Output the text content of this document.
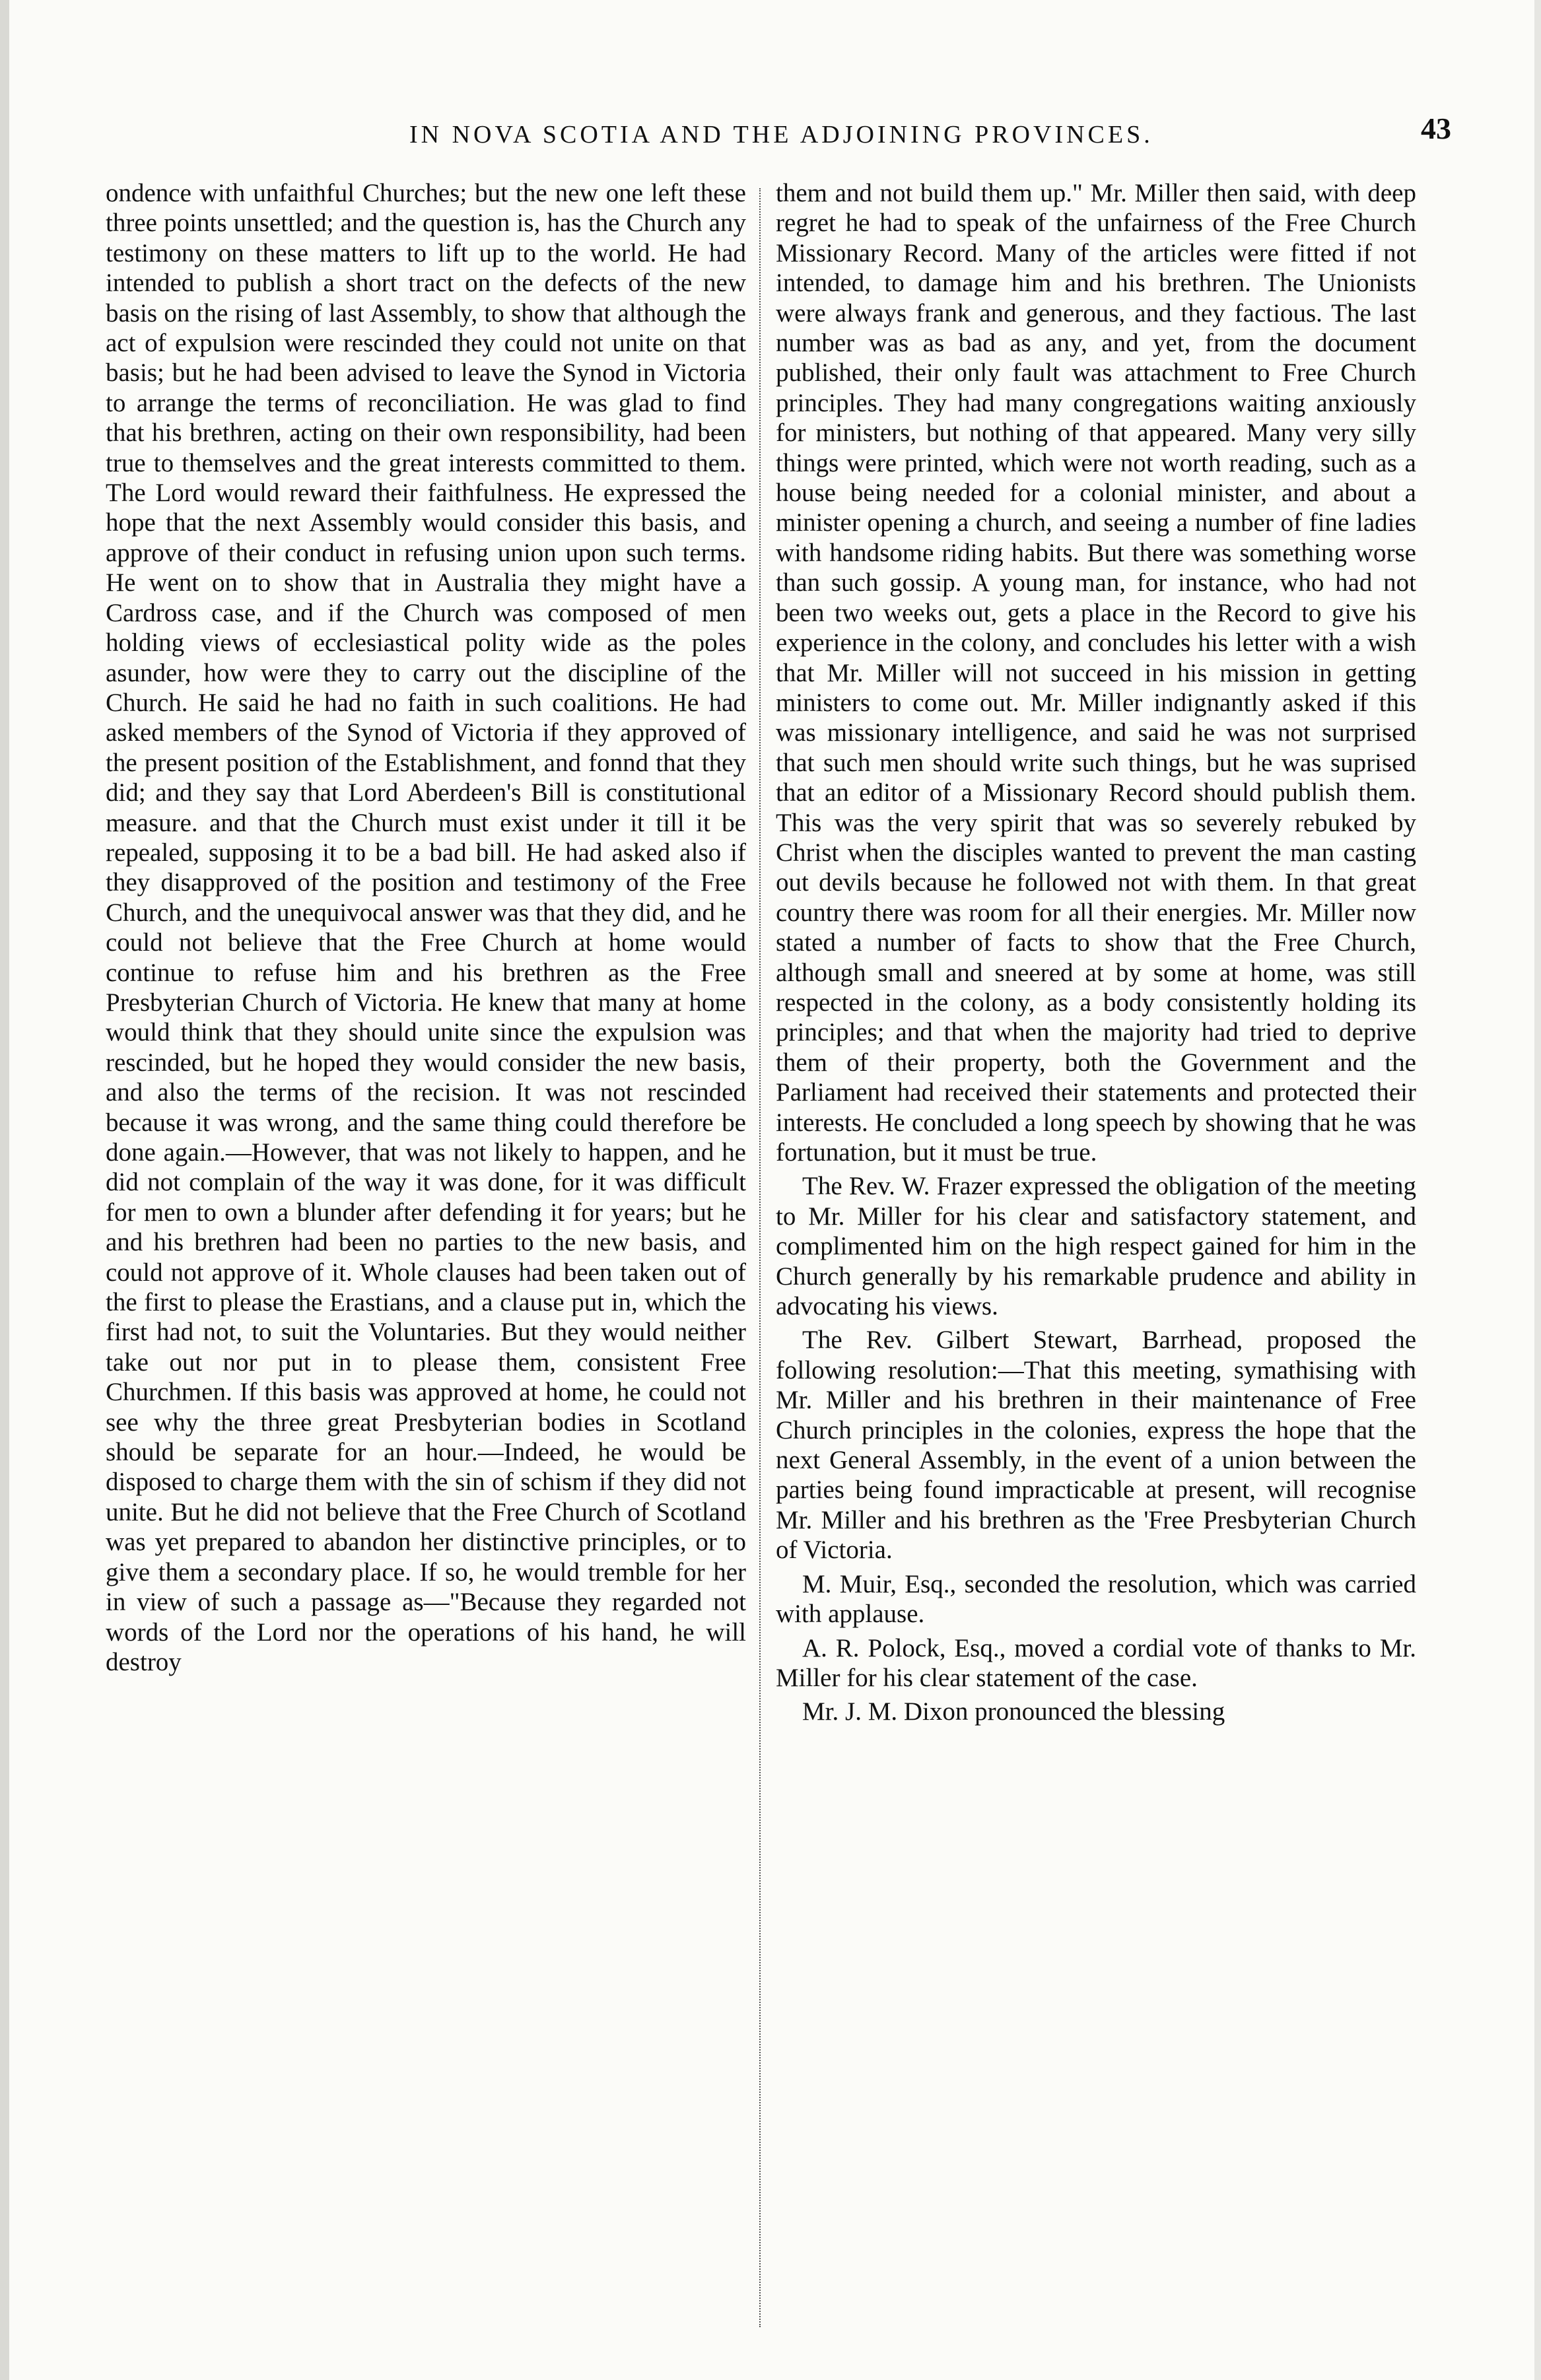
IN NOVA SCOTIA AND THE ADJOINING PROVINCES.	43

ondence with unfaithful Churches; but the new one left these three points unsettled; and the question is, has the Church any testimony on these matters to lift up to the world. He had intended to publish a short tract on the defects of the new basis on the rising of last Assembly, to show that although the act of expulsion were rescinded they could not unite on that basis; but he had been advised to leave the Synod in Victoria to arrange the terms of reconciliation. He was glad to find that his brethren, acting on their own responsibility, had been true to themselves and the great interests committed to them. The Lord would reward their faithfulness. He expressed the hope that the next Assembly would consider this basis, and approve of their conduct in refusing union upon such terms. He went on to show that in Australia they might have a Cardross case, and if the Church was composed of men holding views of ecclesiastical polity wide as the poles asunder, how were they to carry out the discipline of the Church. He said he had no faith in such coalitions. He had asked members of the Synod of Victoria if they approved of the present position of the Establishment, and fonnd that they did; and they say that Lord Aberdeen's Bill is constitutional measure. and that the Church must exist under it till it be repealed, supposing it to be a bad bill. He had asked also if they disapproved of the position and testimony of the Free Church, and the unequivocal answer was that they did, and he could not believe that the Free Church at home would continue to refuse him and his brethren as the Free Presbyterian Church of Victoria. He knew that many at home would think that they should unite since the expulsion was rescinded, but he hoped they would consider the new basis, and also the terms of the recision. It was not rescinded because it was wrong, and the same thing could therefore be done again.—However, that was not likely to happen, and he did not complain of the way it was done, for it was difficult for men to own a blunder after defending it for years; but he and his brethren had been no parties to the new basis, and could not approve of it. Whole clauses had been taken out of the first to please the Erastians, and a clause put in, which the first had not, to suit the Voluntaries. But they would neither take out nor put in to please them, consistent Free Churchmen. If this basis was approved at home, he could not see why the three great Presbyterian bodies in Scotland should be separate for an hour.—Indeed, he would be disposed to charge them with the sin of schism if they did not unite. But he did not believe that the Free Church of Scotland was yet prepared to abandon her distinctive principles, or to give them a secondary place. If so, he would tremble for her in view of such a passage as—"Because they regarded not words of the Lord nor the operations of his hand, he will destroy

them and not build them up." Mr. Miller then said, with deep regret he had to speak of the unfairness of the Free Church Missionary Record. Many of the articles were fitted if not intended, to damage him and his brethren. The Unionists were always frank and generous, and they factious. The last number was as bad as any, and yet, from the document published, their only fault was attachment to Free Church principles. They had many congregations waiting anxiously for ministers, but nothing of that appeared. Many very silly things were printed, which were not worth reading, such as a house being needed for a colonial minister, and about a minister opening a church, and seeing a number of fine ladies with handsome riding habits. But there was something worse than such gossip. A young man, for instance, who had not been two weeks out, gets a place in the Record to give his experience in the colony, and concludes his letter with a wish that Mr. Miller will not succeed in his mission in getting ministers to come out. Mr. Miller indignantly asked if this was missionary intelligence, and said he was not surprised that such men should write such things, but he was suprised that an editor of a Missionary Record should publish them. This was the very spirit that was so severely rebuked by Christ when the disciples wanted to prevent the man casting out devils because he followed not with them. In that great country there was room for all their energies. Mr. Miller now stated a number of facts to show that the Free Church, although small and sneered at by some at home, was still respected in the colony, as a body consistently holding its principles; and that when the majority had tried to deprive them of their property, both the Government and the Parliament had received their statements and protected their interests. He concluded a long speech by showing that he was fortunation, but it must be true.

The Rev. W. Frazer expressed the obligation of the meeting to Mr. Miller for his clear and satisfactory statement, and complimented him on the high respect gained for him in the Church generally by his remarkable prudence and ability in advocating his views.

The Rev. Gilbert Stewart, Barrhead, proposed the following resolution:—That this meeting, symathising with Mr. Miller and his brethren in their maintenance of Free Church principles in the colonies, express the hope that the next General Assembly, in the event of a union between the parties being found impracticable at present, will recognise Mr. Miller and his brethren as the 'Free Presbyterian Church of Victoria.

M. Muir, Esq., seconded the resolution, which was carried with applause.

A. R. Polock, Esq., moved a cordial vote of thanks to Mr. Miller for his clear statement of the case.

Mr. J. M. Dixon pronounced the blessing
